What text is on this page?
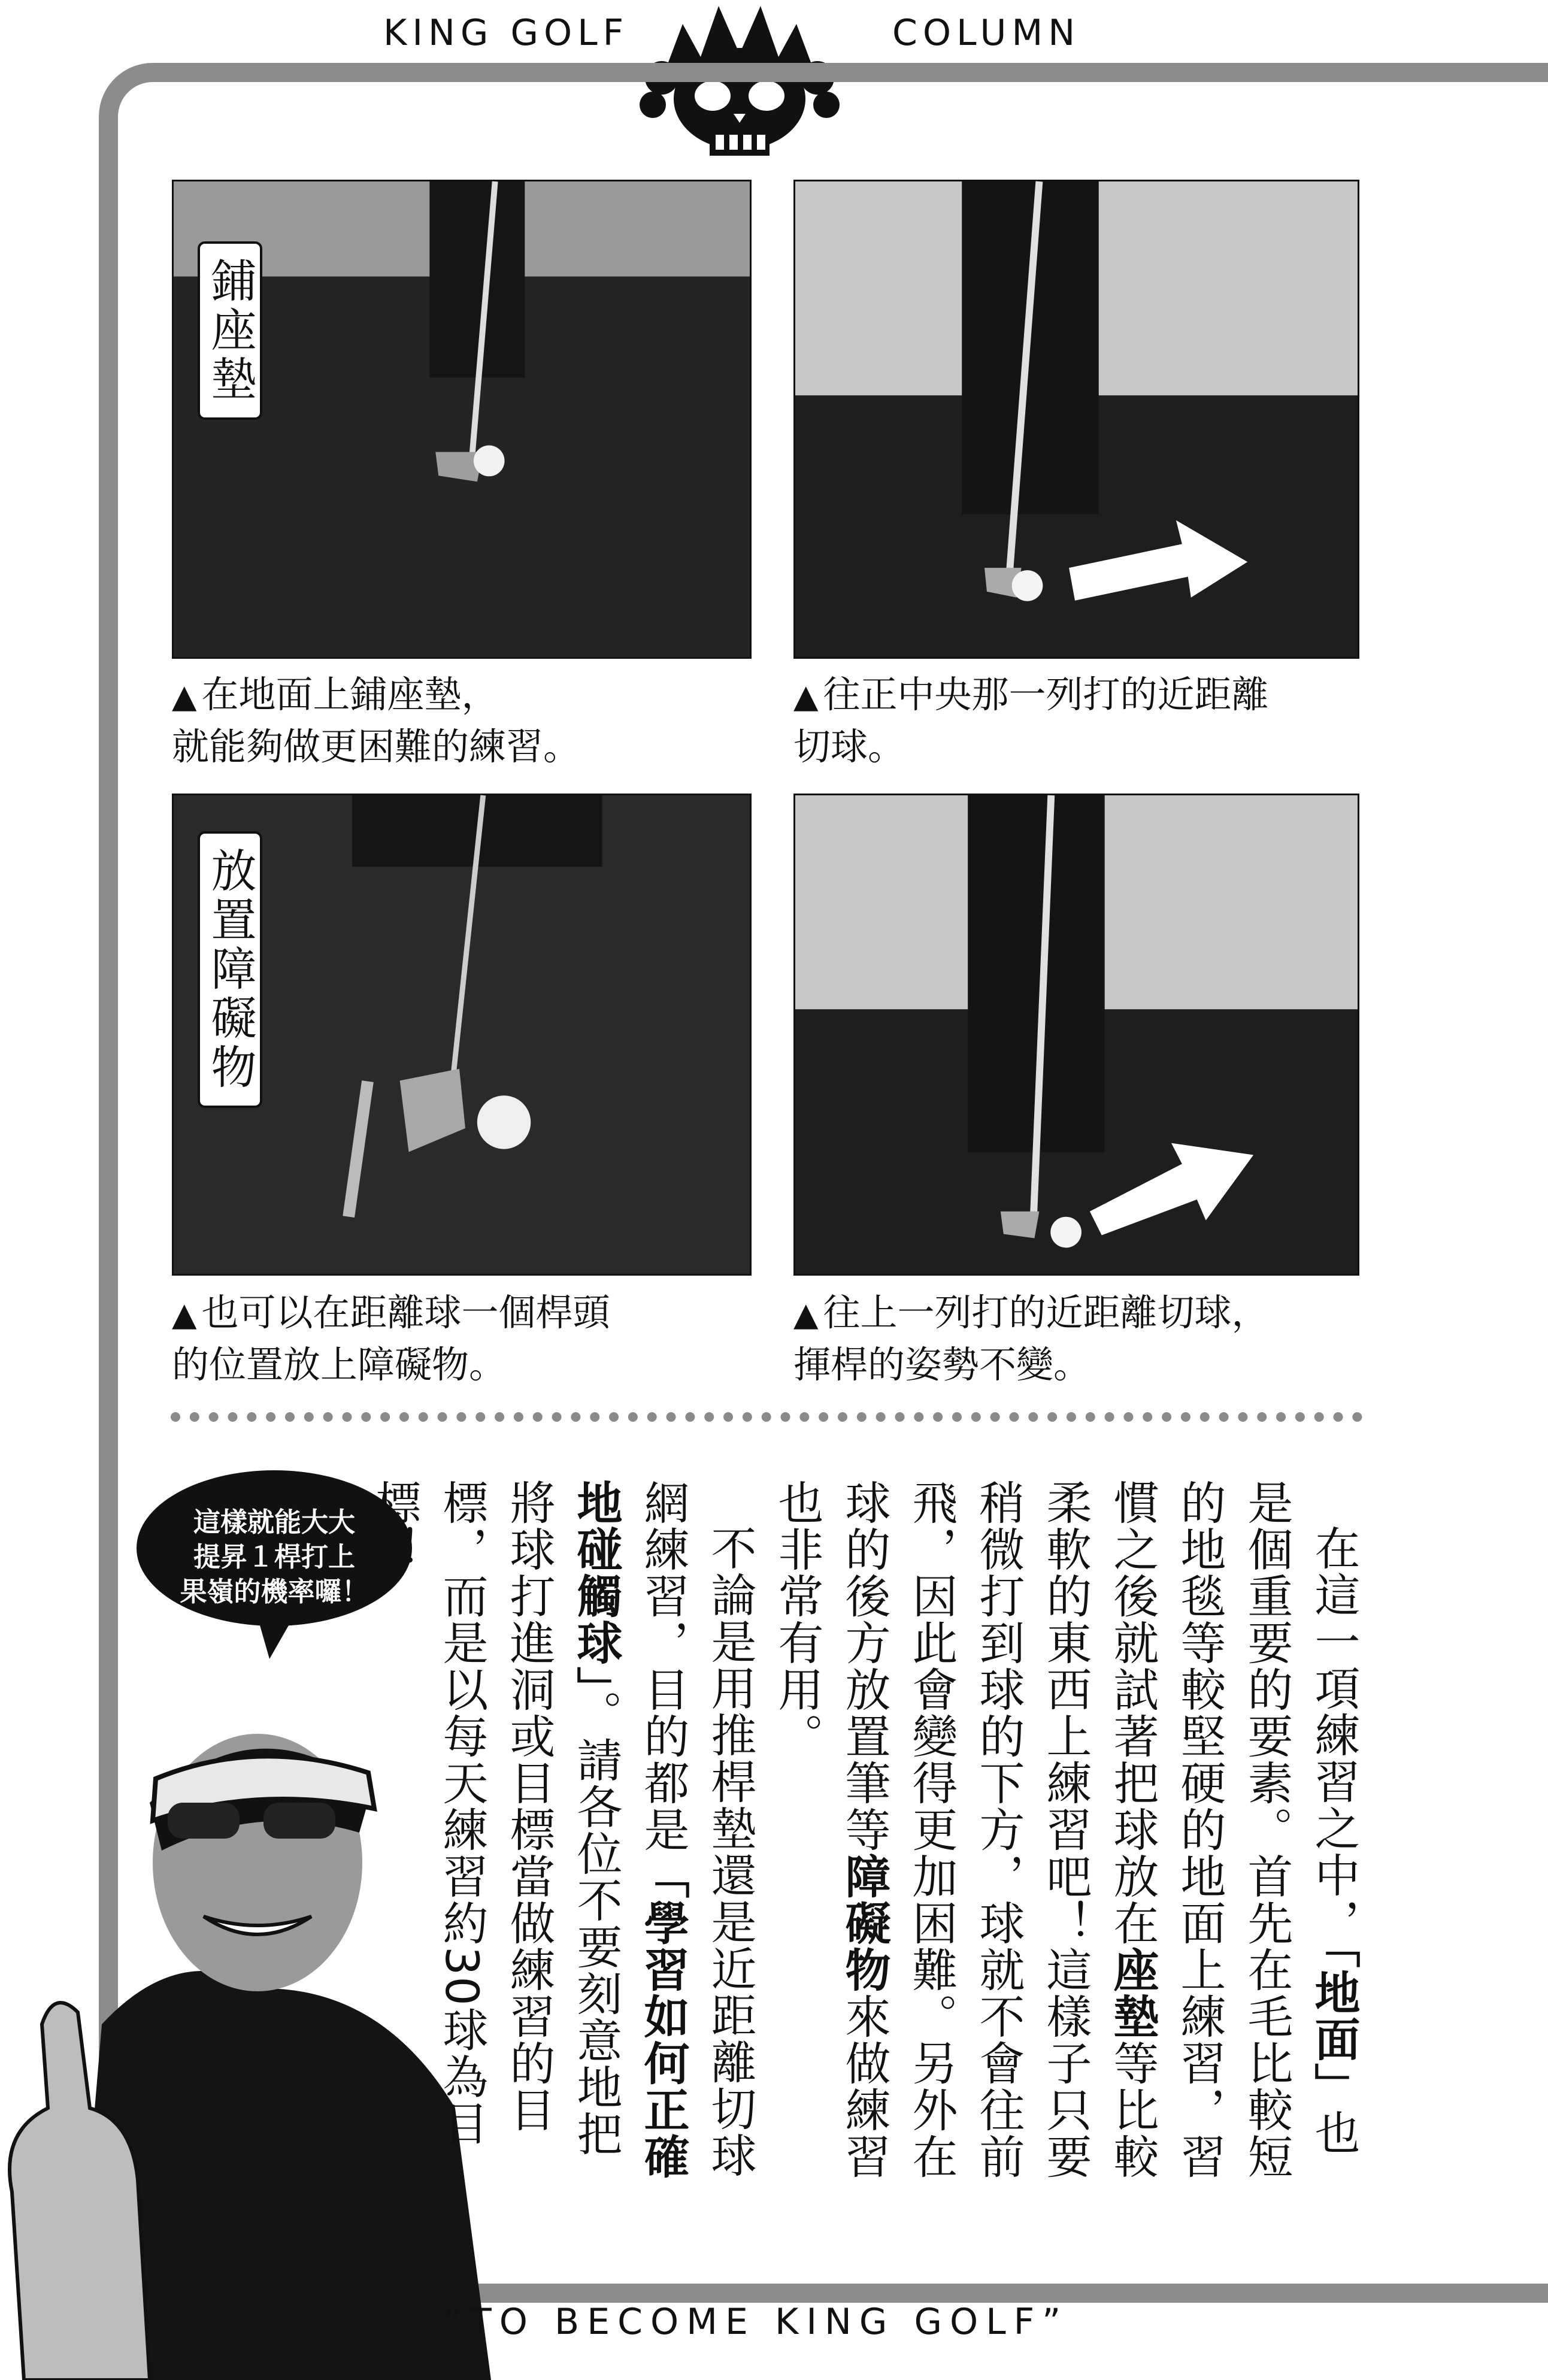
KING GOLF	COLUMN
鋪座墊
▲ 在地面上鋪座墊，
就能夠做更困難的練習。
▲ 往正中央那一列打的近距離
切球。
放置障礙物
▲ 也可以在距離球一個桿頭
的位置放上障礙物。
▲ 往上一列打的近距離切球，
揮桿的姿勢不變。
這樣就能大大
提昇１桿打上
果嶺的機率囉！	在這一項練習之中，「地面」也是個重要的要素。首先在毛比較短的地毯等較堅硬的地面上練習，習慣之後就試著把球放在座墊等比較柔軟的東西上練習吧！這樣子只要稍微打到球的下方，球就不會往前飛，因此會變得更加困難。另外在球的後方放置筆等障礙物來做練習也非常有用。

不論是用推桿墊還是近距離切球網練習，目的都是「學習如何正確地碰觸球」。請各位不要刻意地把將球打進洞或目標當做練習的目標，而是以每天練習約30球為目標！

“TO BECOME KING GOLF”
